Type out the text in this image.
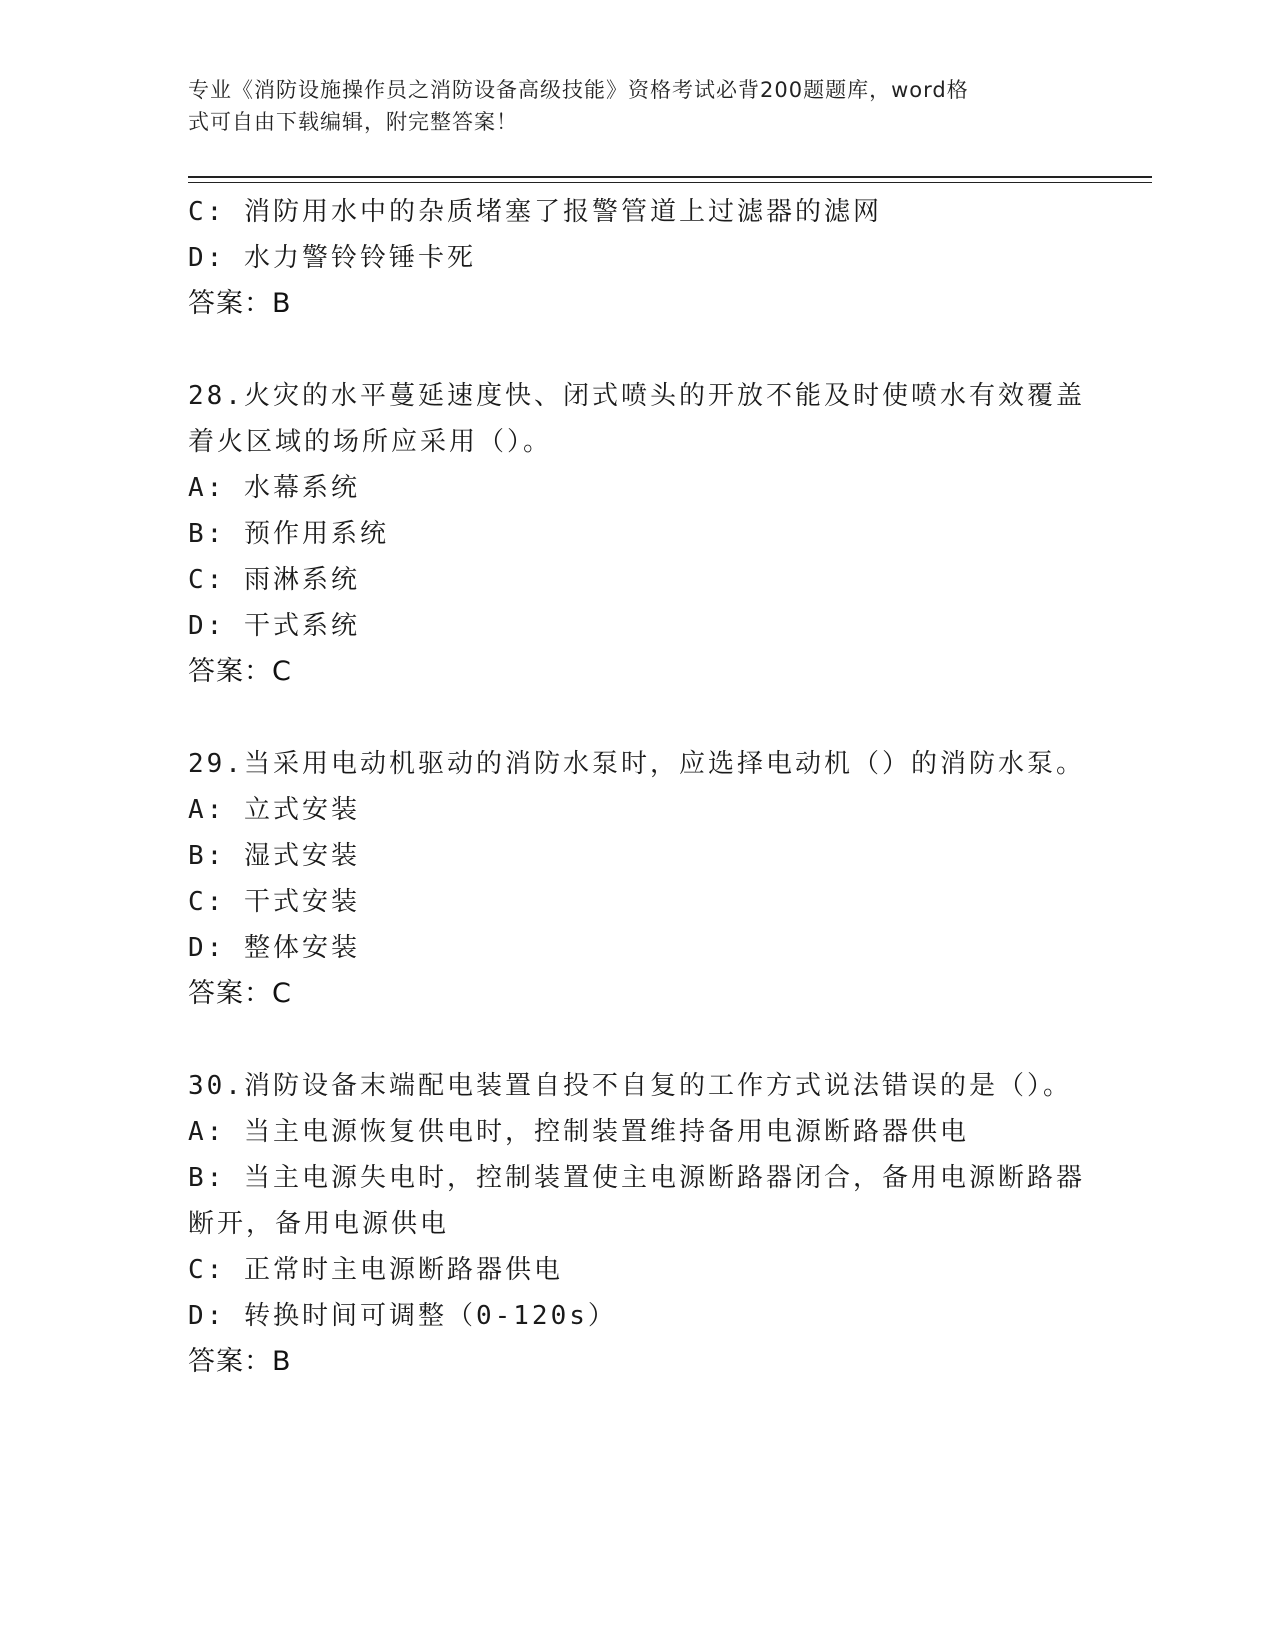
专业《消防设施操作员之消防设备高级技能》资格考试必背200题题库，word格
式可自由下载编辑，附完整答案！
C: 消防用水中的杂质堵塞了报警管道上过滤器的滤网
D: 水力警铃铃锤卡死
答案：B
28.火灾的水平蔓延速度快、闭式喷头的开放不能及时使喷水有效覆盖
着火区域的场所应采用（）。
A: 水幕系统
B: 预作用系统
C: 雨淋系统
D: 干式系统
答案：C
29.当采用电动机驱动的消防水泵时，应选择电动机（）的消防水泵。
A: 立式安装
B: 湿式安装
C: 干式安装
D: 整体安装
答案：C
30.消防设备末端配电装置自投不自复的工作方式说法错误的是（）。
A: 当主电源恢复供电时，控制装置维持备用电源断路器供电
B: 当主电源失电时，控制装置使主电源断路器闭合，备用电源断路器
断开，备用电源供电
C: 正常时主电源断路器供电
D: 转换时间可调整（0-120s）
答案：B
